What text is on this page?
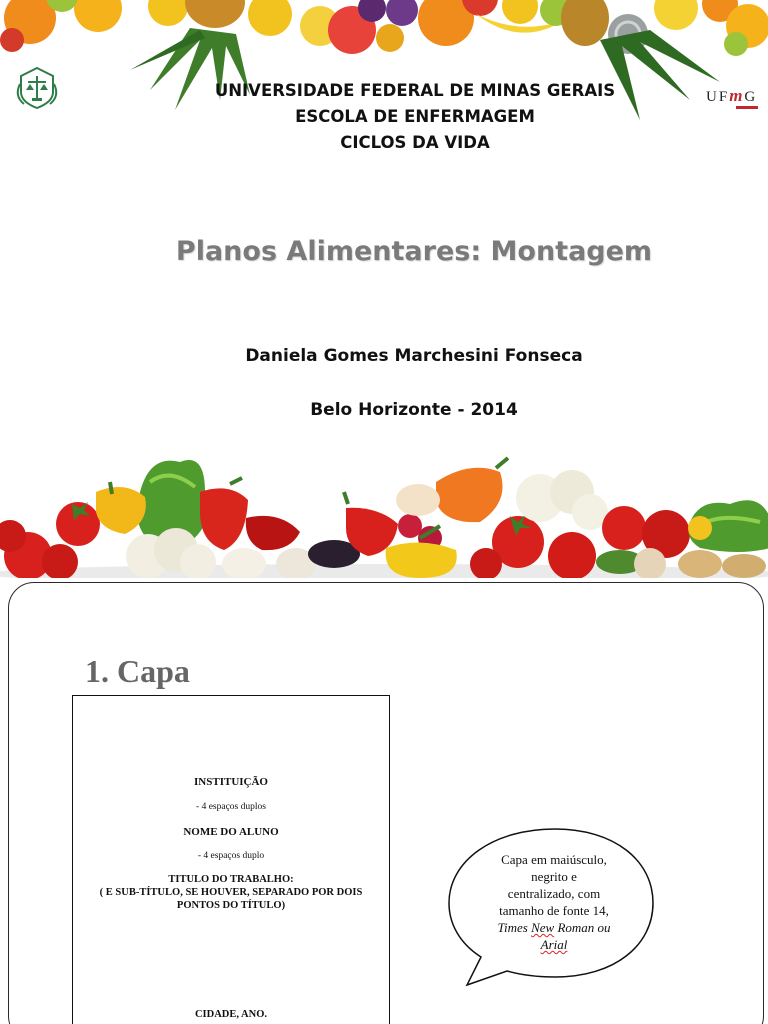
UFmG
UNIVERSIDADE FEDERAL DE MINAS GERAIS
ESCOLA DE ENFERMAGEM
CICLOS DA VIDA
Planos Alimentares: Montagem
Daniela Gomes Marchesini Fonseca
Belo Horizonte - 2014
1. Capa
INSTITUIÇÃO
- 4 espaços duplos
NOME DO ALUNO
- 4 espaços duplo
TITULO DO TRABALHO:
( E SUB-TÍTULO, SE HOUVER, SEPARADO POR DOIS
PONTOS DO TÍTULO)
CIDADE, ANO.
Capa em maiúsculo,
negrito e
centralizado, com
tamanho de fonte 14,
Times New Roman ou
Arial
